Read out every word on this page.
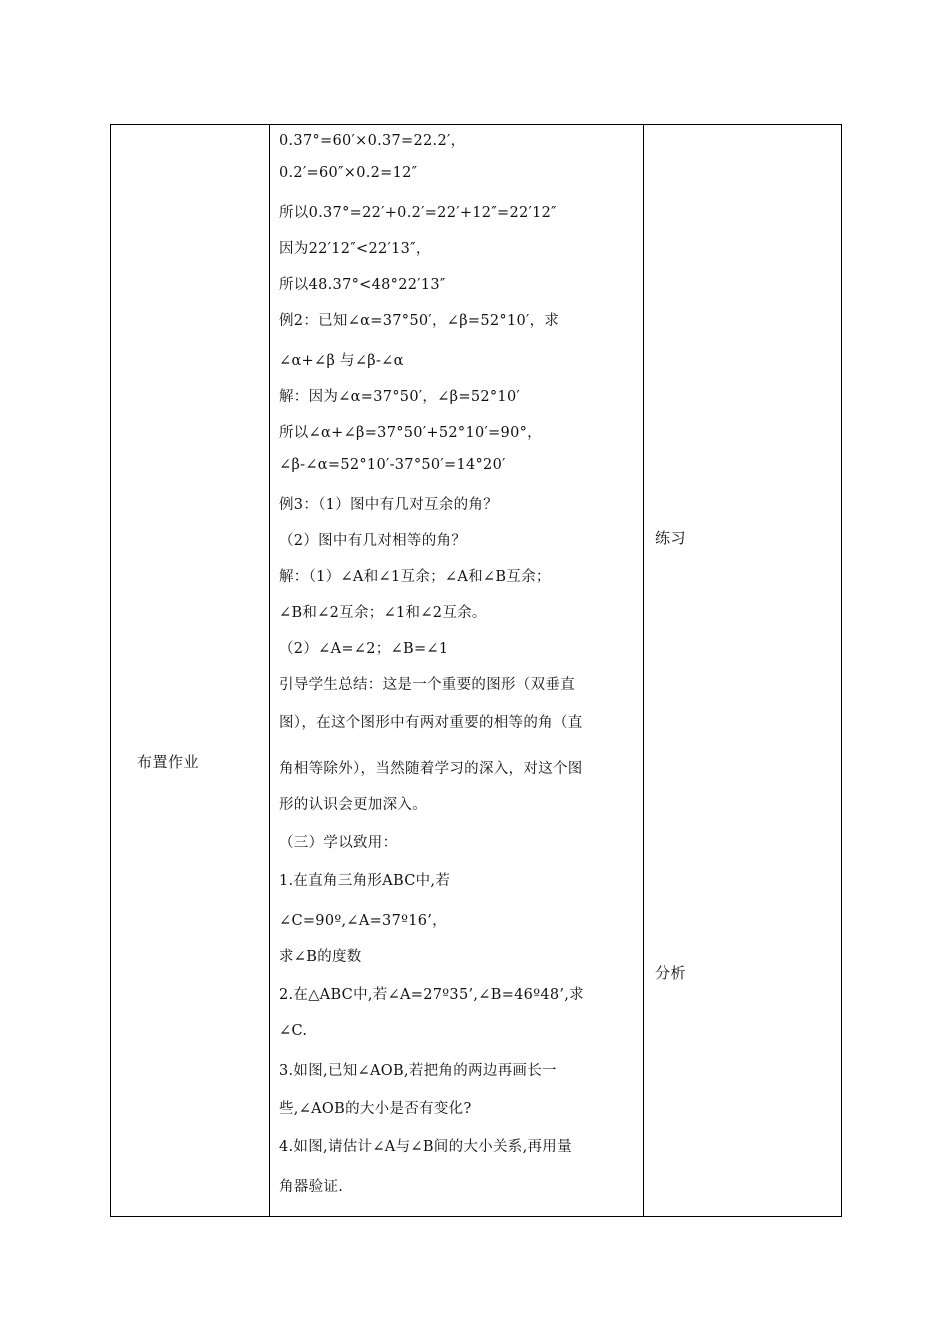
布置作业
练习
分析
0.37°=60′×0.37=22.2′，
0.2′=60″×0.2=12″
所以0.37°=22′+0.2′=22′+12″=22′12″
因为22′12″<22′13″，
所以48.37°<48°22′13″
例2：已知∠α=37°50′，∠β=52°10′，求
∠α+∠β 与∠β-∠α
解：因为∠α=37°50′，∠β=52°10′
所以∠α+∠β=37°50′+52°10′=90°，
∠β-∠α=52°10′-37°50′=14°20′
例3：（1）图中有几对互余的角？
（2）图中有几对相等的角？
解：（1）∠A和∠1互余；∠A和∠B互余；
∠B和∠2互余；∠1和∠2互余。
（2）∠A=∠2；∠B=∠1
引导学生总结：这是一个重要的图形（双垂直
图），在这个图形中有两对重要的相等的角（直
角相等除外），当然随着学习的深入，对这个图
形的认识会更加深入。
（三）学以致用：
1.在直角三角形ABC中,若
∠C=90º,∠A=37º16’，
求∠B的度数
2.在△ABC中,若∠A=27º35’,∠B=46º48’,求
∠C.
3.如图,已知∠AOB,若把角的两边再画长一
些,∠AOB的大小是否有变化?
4.如图,请估计∠A与∠B间的大小关系,再用量
角器验证.
